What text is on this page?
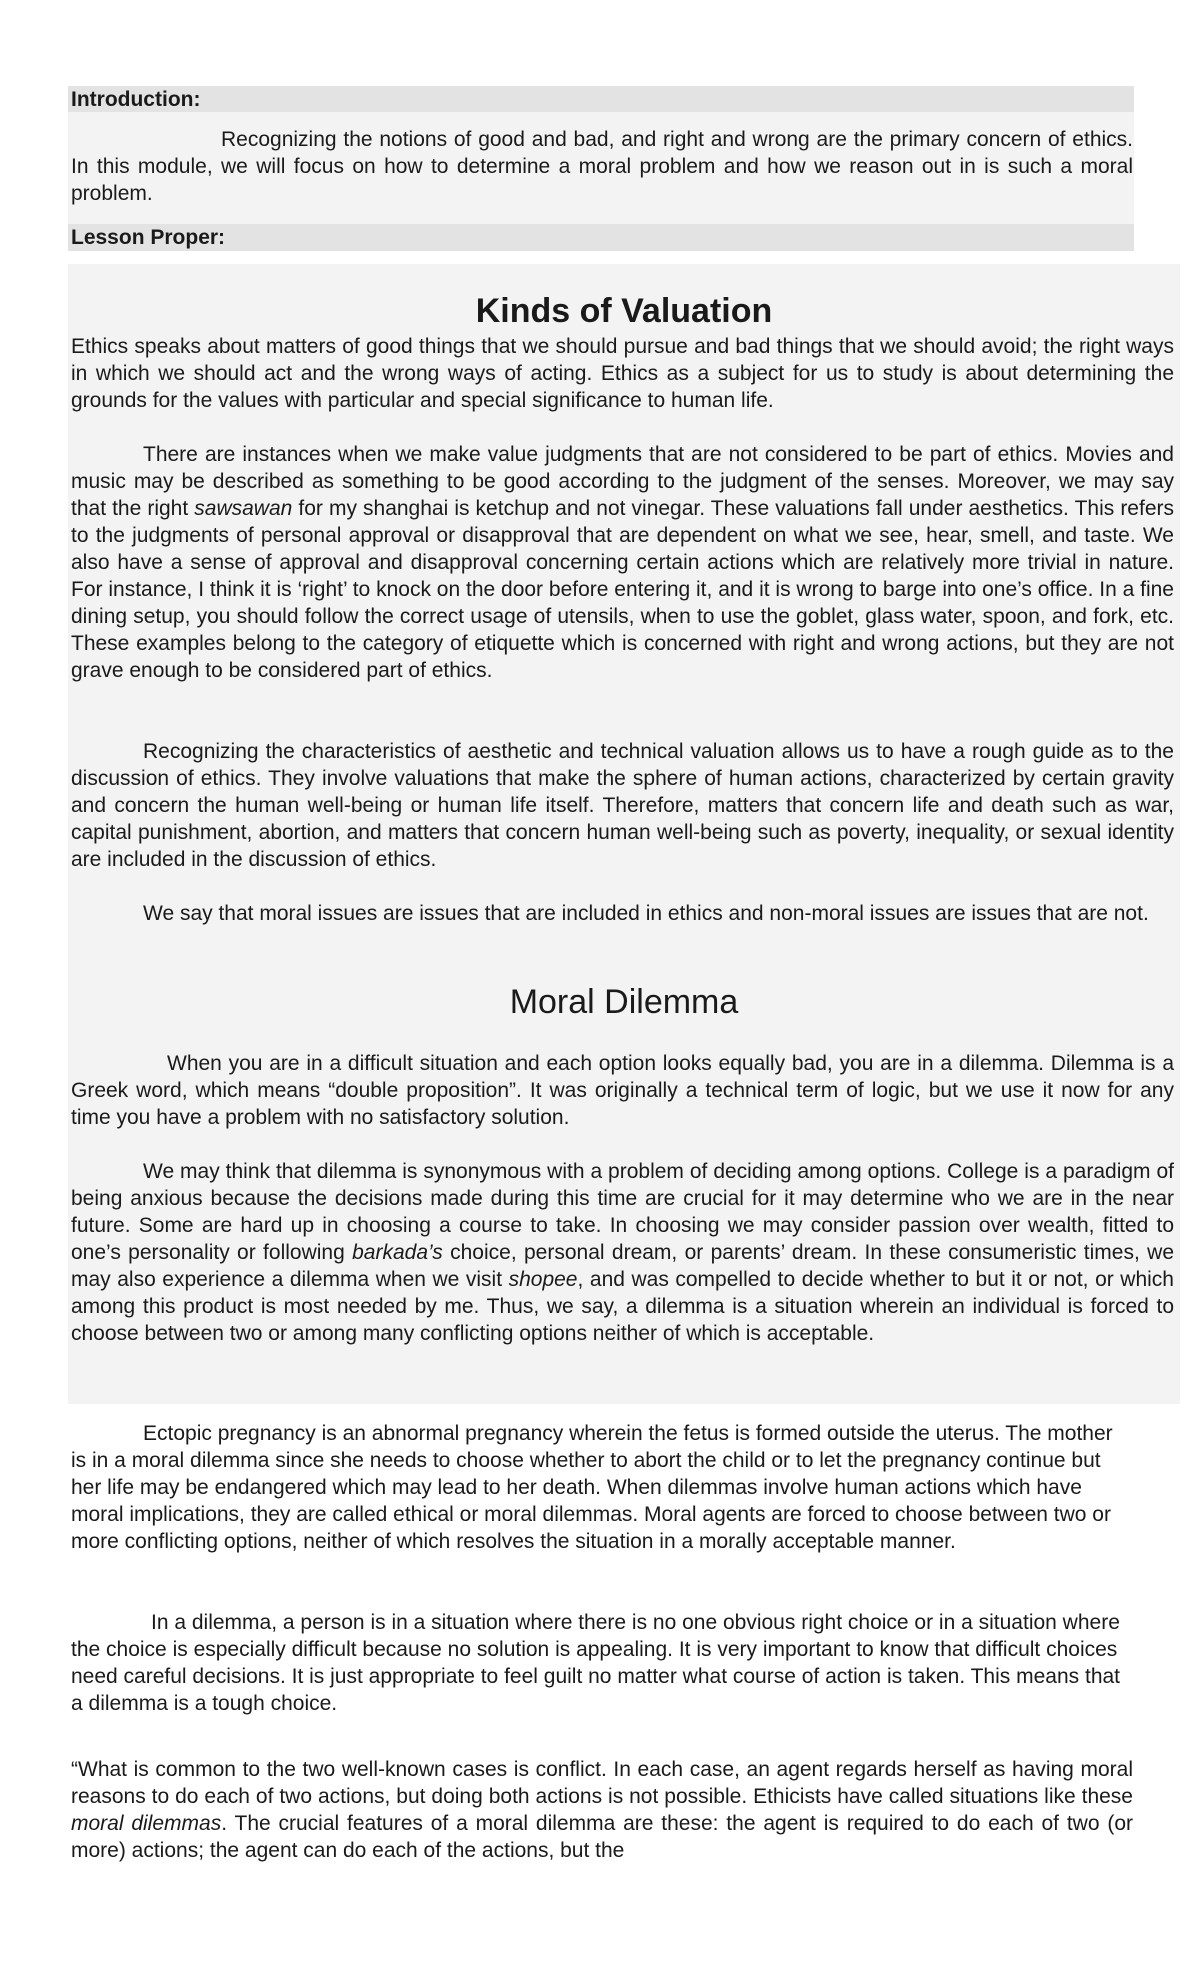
Introduction:

Recognizing the notions of good and bad, and right and wrong are the primary concern of ethics. In this module, we will focus on how to determine a moral problem and how we reason out in is such a moral problem.

Lesson Proper:
Kinds of Valuation

Ethics speaks about matters of good things that we should pursue and bad things that we should avoid; the right ways in which we should act and the wrong ways of acting. Ethics as a subject for us to study is about determining the grounds for the values with particular and special significance to human life.

There are instances when we make value judgments that are not considered to be part of ethics. Movies and music may be described as something to be good according to the judgment of the senses. Moreover, we may say that the right sawsawan for my shanghai is ketchup and not vinegar. These valuations fall under aesthetics. This refers to the judgments of personal approval or disapproval that are dependent on what we see, hear, smell, and taste. We also have a sense of approval and disapproval concerning certain actions which are relatively more trivial in nature. For instance, I think it is ‘right’ to knock on the door before entering it, and it is wrong to barge into one’s office. In a fine dining setup, you should follow the correct usage of utensils, when to use the goblet, glass water, spoon, and fork, etc. These examples belong to the category of etiquette which is concerned with right and wrong actions, but they are not grave enough to be considered part of ethics.

Recognizing the characteristics of aesthetic and technical valuation allows us to have a rough guide as to the discussion of ethics. They involve valuations that make the sphere of human actions, characterized by certain gravity and concern the human well-being or human life itself. Therefore, matters that concern life and death such as war, capital punishment, abortion, and matters that concern human well-being such as poverty, inequality, or sexual identity are included in the discussion of ethics.

We say that moral issues are issues that are included in ethics and non-moral issues are issues that are not.

Moral Dilemma

When you are in a difficult situation and each option looks equally bad, you are in a dilemma. Dilemma is a Greek word, which means “double proposition”. It was originally a technical term of logic, but we use it now for any time you have a problem with no satisfactory solution.

We may think that dilemma is synonymous with a problem of deciding among options. College is a paradigm of being anxious because the decisions made during this time are crucial for it may determine who we are in the near future. Some are hard up in choosing a course to take. In choosing we may consider passion over wealth, fitted to one’s personality or following barkada’s choice, personal dream, or parents’ dream. In these consumeristic times, we may also experience a dilemma when we visit shopee, and was compelled to decide whether to but it or not, or which among this product is most needed by me. Thus, we say, a dilemma is a situation wherein an individual is forced to choose between two or among many conflicting options neither of which is acceptable.

Ectopic pregnancy is an abnormal pregnancy wherein the fetus is formed outside the uterus. The mother is in a moral dilemma since she needs to choose whether to abort the child or to let the pregnancy continue but her life may be endangered which may lead to her death. When dilemmas involve human actions which have moral implications, they are called ethical or moral dilemmas. Moral agents are forced to choose between two or more conflicting options, neither of which resolves the situation in a morally acceptable manner.

In a dilemma, a person is in a situation where there is no one obvious right choice or in a situation where the choice is especially difficult because no solution is appealing. It is very important to know that difficult choices need careful decisions. It is just appropriate to feel guilt no matter what course of action is taken. This means that a dilemma is a tough choice.

“What is common to the two well-known cases is conflict. In each case, an agent regards herself as having moral reasons to do each of two actions, but doing both actions is not possible. Ethicists have called situations like these moral dilemmas. The crucial features of a moral dilemma are these: the agent is required to do each of two (or more) actions; the agent can do each of the actions, but the
